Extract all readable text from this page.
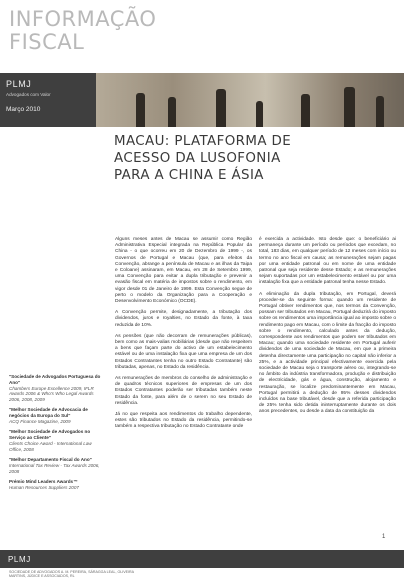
INFORMAÇÃO
FISCAL
PLMJ
Advogados com Valor
Março 2010
MACAU: PLATAFORMA DE
ACESSO DA LUSOFONIA
PARA A CHINA E ÁSIA

Alguns meses antes de Macau se assumir como Região Administrativa Especial integrada na República Popular da China - o que ocorreu em 20 de Dezembro de 1999 -, os Governos de Portugal e Macau (que, para efeitos da Convenção, abrange a península de Macau e as ilhas da Taipa e Coloane) assinaram, em Macau, em 28 de Setembro 1999, uma Convenção para evitar a dupla tributação e prevenir a evasão fiscal em matéria de impostos sobre o rendimento, em vigor desde 01 de Janeiro de 1999. Esta Convenção segue de perto o modelo da Organização para a Cooperação e Desenvolvimento Económico (OCDE).

A Convenção permite, designadamente, a tributação dos dividendos, juros e royalties, no Estado da fonte, à taxa reduzida de 10%.

As pensões (que não decorram de remunerações públicas), bem como as mais-valias mobiliárias (desde que não respeitem a bens que façam parte do activo de um estabelecimento estável ou de uma instalação fixa que uma empresa de um dos Estados Contratantes tenha no outro Estado Contratante) são tributadas, apenas, no Estado da residência.

As remunerações de membros do conselho de administração e de quadros técnicos superiores de empresas de um dos Estados Contratantes poderão ser tributadas também neste Estado da fonte, para além de o serem no seu Estado de residência.

Já no que respeita aos rendimentos do trabalho dependente, estes são tributados no Estado da residência, permitindo-se também a respectiva tributação no Estado Contratante onde

é exercida a actividade. Isto desde que: o beneficiário ai permaneça durante um período ou períodos que excedam, no total, 183 dias, em qualquer período de 12 meses com início ou termo no ano fiscal em causa; as remunerações sejam pagas por uma entidade patronal ou em nome de uma entidade patronal que seja residente desse Estado; e as remunerações sejam suportadas por um estabelecimento estável ou por uma instalação fixa que a entidade patronal tenha nesse Estado.

A eliminação da dupla tributação, em Portugal, deverá proceder-se da seguinte forma: quando um residente de Portugal obtiver rendimentos que, nos termos da Convenção, possam ser tributados em Macau, Portugal deduzirá do imposto sobre os rendimentos uma importância igual ao imposto sobre o rendimento pago em Macau, com o limite da fracção do imposto sobre o rendimento, calculado antes da dedução, correspondente aos rendimentos que podem ser tributados em Macau; quando uma sociedade residente em Portugal auferir dividendos de uma sociedade de Macau, em que a primeira detenha directamente uma participação no capital não inferior a 25%, e a actividade principal efectivamente exercida pela sociedade de Macau seja o transporte aéreo ou, integrando-se no âmbito da indústria transformadora, produção e distribuição de electricidade, gás e água, construção, alojamento e restauração, se localize predominantemente em Macau, Portugal permitirá a dedução de 95% desses dividendos incluídos na base tributável, desde que a referida participação de 25% tenha sido detida ininterruptamente durante os dois anos precedentes, ou desde a data da constituição da

"Sociedade de Advogados Portuguesa do Ano"
Chambers Europe Excellence 2009, IFLR Awards 2006 & Who's Who Legal Awards 2006, 2008, 2009
"Melhor Sociedade de Advocacia de negócios da Europa do Sul"
ACQ Finance Magazine, 2009
"Melhor Sociedade de Advogados no Serviço ao Cliente"
Clients Choice Award - International Law Office, 2008
"Melhor Departamento Fiscal do Ano"
International Tax Review - Tax Awards 2006, 2008
Prémio Mind Leaders Awards™
Human Resources Suppliers 2007
1
PLMJ
SOCIEDADE DE ADVOGADOS A. M. PEREIRA, SÁRAGGA LEAL, OLIVEIRA MARTINS, JÚDICE E ASSOCIADOS, RL
